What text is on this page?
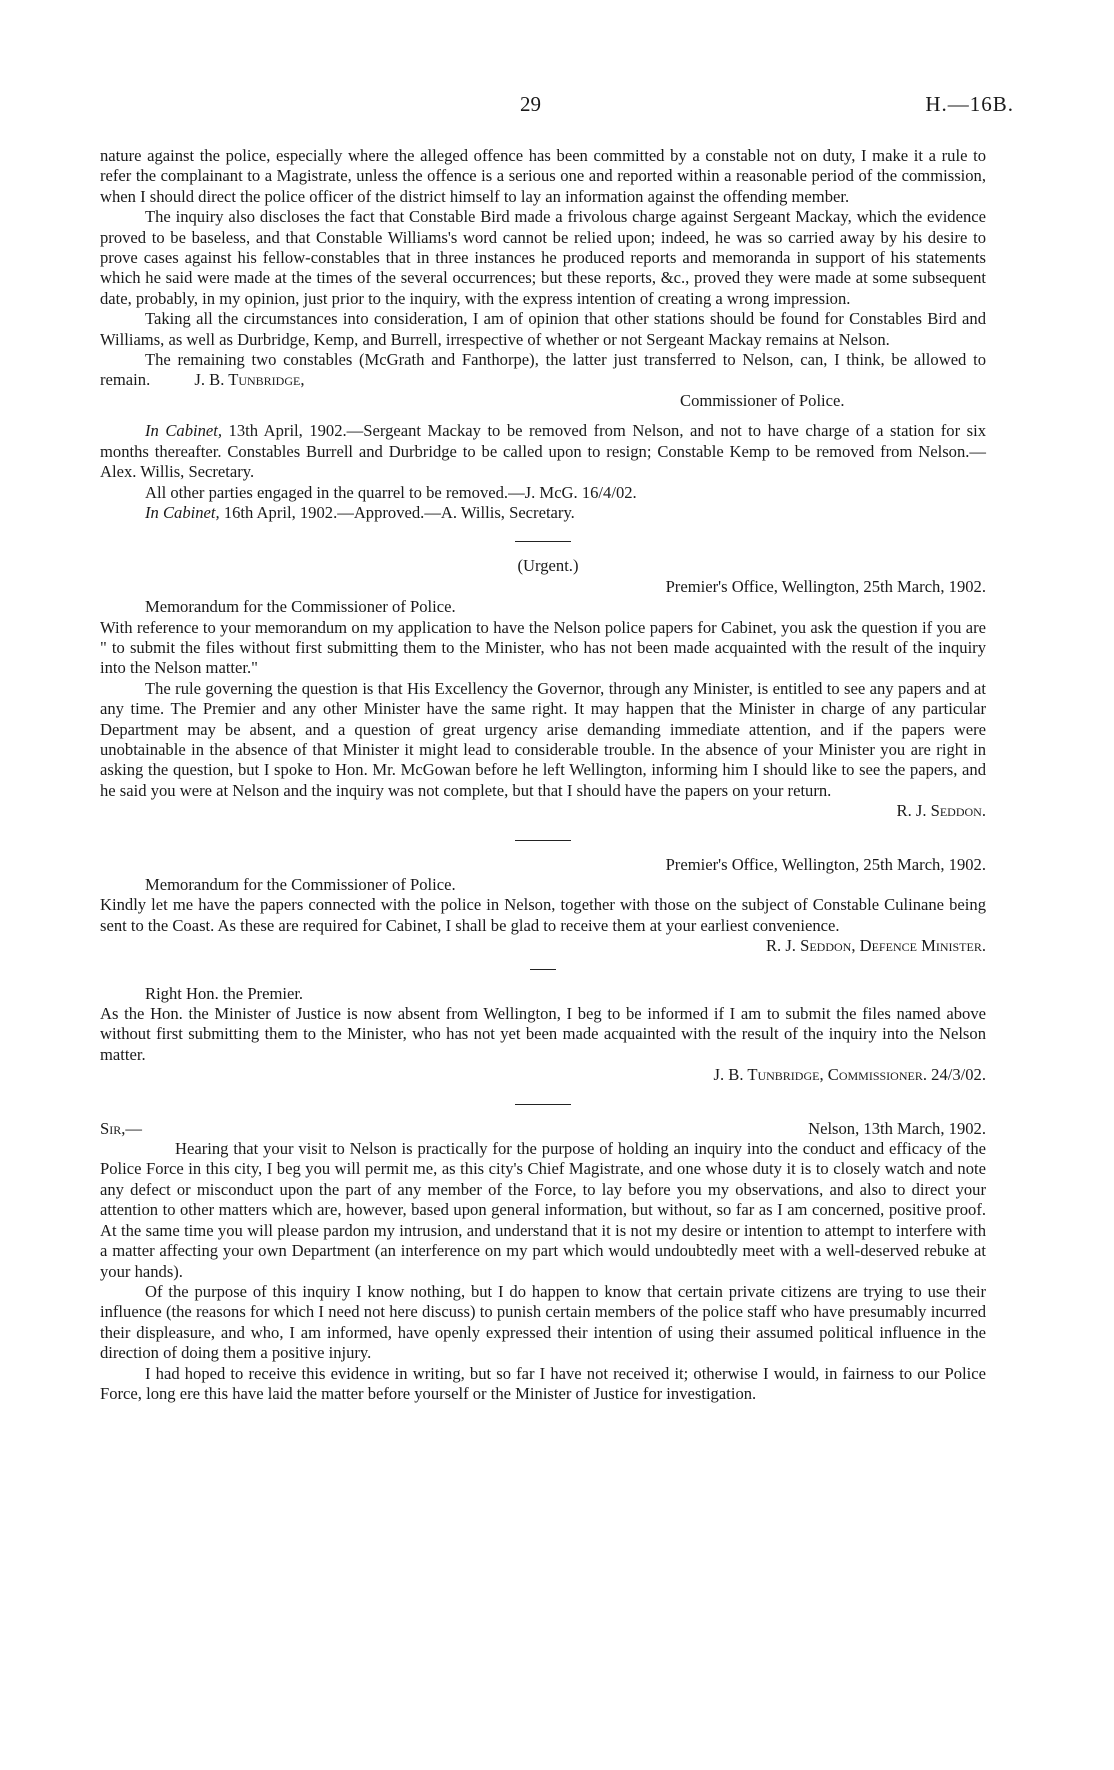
29	H.—16B.

nature against the police, especially where the alleged offence has been committed by a constable not on duty, I make it a rule to refer the complainant to a Magistrate, unless the offence is a serious one and reported within a reasonable period of the commission, when I should direct the police officer of the district himself to lay an information against the offending member.

The inquiry also discloses the fact that Constable Bird made a frivolous charge against Sergeant Mackay, which the evidence proved to be baseless, and that Constable Williams's word cannot be relied upon; indeed, he was so carried away by his desire to prove cases against his fellow-constables that in three instances he produced reports and memoranda in support of his statements which he said were made at the times of the several occurrences; but these reports, &c., proved they were made at some subsequent date, probably, in my opinion, just prior to the inquiry, with the express intention of creating a wrong impression.

Taking all the circumstances into consideration, I am of opinion that other stations should be found for Constables Bird and Williams, as well as Durbridge, Kemp, and Burrell, irrespective of whether or not Sergeant Mackay remains at Nelson.

The remaining two constables (McGrath and Fanthorpe), the latter just transferred to Nelson, can, I think, be allowed to remain.	J. B. Tunbridge,

Commissioner of Police.

In Cabinet, 13th April, 1902.—Sergeant Mackay to be removed from Nelson, and not to have charge of a station for six months thereafter. Constables Burrell and Durbridge to be called upon to resign; Constable Kemp to be removed from Nelson.—Alex. Willis, Secretary.

All other parties engaged in the quarrel to be removed.—J. McG. 16/4/02.

In Cabinet, 16th April, 1902.—Approved.—A. Willis, Secretary.

(Urgent.)

Premier's Office, Wellington, 25th March, 1902.

Memorandum for the Commissioner of Police.

With reference to your memorandum on my application to have the Nelson police papers for Cabinet, you ask the question if you are " to submit the files without first submitting them to the Minister, who has not been made acquainted with the result of the inquiry into the Nelson matter."

The rule governing the question is that His Excellency the Governor, through any Minister, is entitled to see any papers and at any time. The Premier and any other Minister have the same right. It may happen that the Minister in charge of any particular Department may be absent, and a question of great urgency arise demanding immediate attention, and if the papers were unobtainable in the absence of that Minister it might lead to considerable trouble. In the absence of your Minister you are right in asking the question, but I spoke to Hon. Mr. McGowan before he left Wellington, informing him I should like to see the papers, and he said you were at Nelson and the inquiry was not complete, but that I should have the papers on your return.

R. J. Seddon.

Premier's Office, Wellington, 25th March, 1902.

Memorandum for the Commissioner of Police.

Kindly let me have the papers connected with the police in Nelson, together with those on the subject of Constable Culinane being sent to the Coast. As these are required for Cabinet, I shall be glad to receive them at your earliest convenience.

R. J. Seddon, Defence Minister.

Right Hon. the Premier.

As the Hon. the Minister of Justice is now absent from Wellington, I beg to be informed if I am to submit the files named above without first submitting them to the Minister, who has not yet been made acquainted with the result of the inquiry into the Nelson matter.

J. B. Tunbridge, Commissioner. 24/3/02.

Sir,—	Nelson, 13th March, 1902.

Hearing that your visit to Nelson is practically for the purpose of holding an inquiry into the conduct and efficacy of the Police Force in this city, I beg you will permit me, as this city's Chief Magistrate, and one whose duty it is to closely watch and note any defect or misconduct upon the part of any member of the Force, to lay before you my observations, and also to direct your attention to other matters which are, however, based upon general information, but without, so far as I am concerned, positive proof. At the same time you will please pardon my intrusion, and understand that it is not my desire or intention to attempt to interfere with a matter affecting your own Department (an interference on my part which would undoubtedly meet with a well-deserved rebuke at your hands).

Of the purpose of this inquiry I know nothing, but I do happen to know that certain private citizens are trying to use their influence (the reasons for which I need not here discuss) to punish certain members of the police staff who have presumably incurred their displeasure, and who, I am informed, have openly expressed their intention of using their assumed political influence in the direction of doing them a positive injury.

I had hoped to receive this evidence in writing, but so far I have not received it; otherwise I would, in fairness to our Police Force, long ere this have laid the matter before yourself or the Minister of Justice for investigation.
